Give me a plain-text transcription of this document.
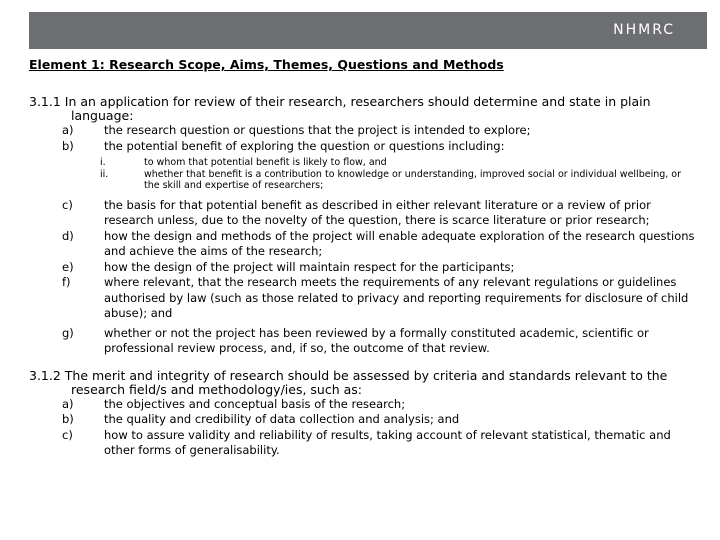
NHMRC
Element 1: Research Scope, Aims, Themes, Questions and Methods

3.1.1 In an application for review of their research, researchers should determine and state in plain language:

a)	the research question or questions that the project is intended to explore;
b)	the potential benefit of exploring the question or questions including:
i.	to whom that potential benefit is likely to flow, and
ii.	whether that benefit is a contribution to knowledge or understanding, improved social or individual wellbeing, or the skill and expertise of researchers;
c)	the basis for that potential benefit as described in either relevant literature or a review of prior research unless, due to the novelty of the question, there is scarce literature or prior research;
d)	how the design and methods of the project will enable adequate exploration of the research questions and achieve the aims of the research;
e)	how the design of the project will maintain respect for the participants;
f)	where relevant, that the research meets the requirements of any relevant regulations or guidelines authorised by law (such as those related to privacy and reporting requirements for disclosure of child abuse); and
g)	whether or not the project has been reviewed by a formally constituted academic, scientific or professional review process, and, if so, the outcome of that review.

3.1.2 The merit and integrity of research should be assessed by criteria and standards relevant to the research field/s and methodology/ies, such as:

a)	the objectives and conceptual basis of the research;
b)	the quality and credibility of data collection and analysis; and
c)	how to assure validity and reliability of results, taking account of relevant statistical, thematic and other forms of generalisability.
